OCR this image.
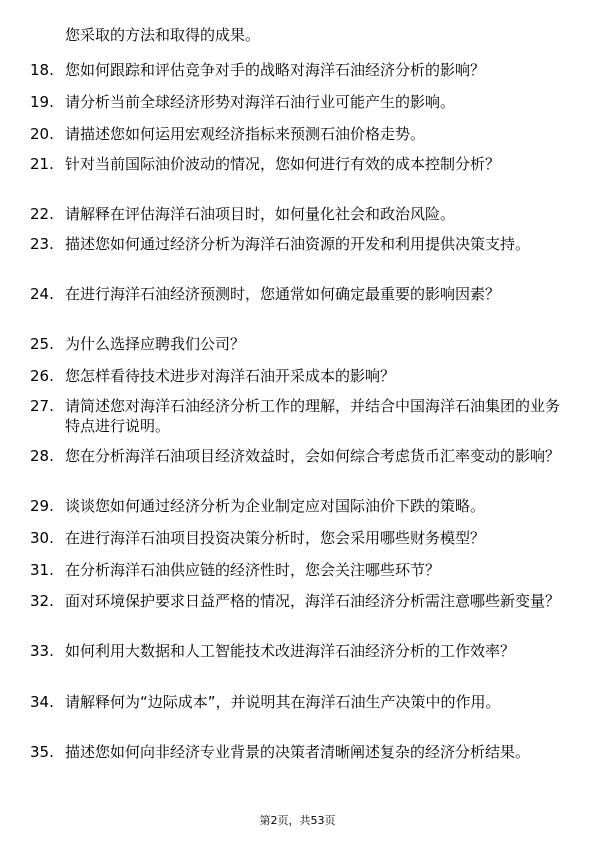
您采取的方法和取得的成果。
18. 您如何跟踪和评估竞争对手的战略对海洋石油经济分析的影响？
19. 请分析当前全球经济形势对海洋石油行业可能产生的影响。
20. 请描述您如何运用宏观经济指标来预测石油价格走势。
21. 针对当前国际油价波动的情况，您如何进行有效的成本控制分析？
22. 请解释在评估海洋石油项目时，如何量化社会和政治风险。
23. 描述您如何通过经济分析为海洋石油资源的开发和利用提供决策支持。
24. 在进行海洋石油经济预测时，您通常如何确定最重要的影响因素？
25. 为什么选择应聘我们公司？
26. 您怎样看待技术进步对海洋石油开采成本的影响？
27. 请简述您对海洋石油经济分析工作的理解，并结合中国海洋石油集团的业务特点进行说明。
28. 您在分析海洋石油项目经济效益时，会如何综合考虑货币汇率变动的影响？
29. 谈谈您如何通过经济分析为企业制定应对国际油价下跌的策略。
30. 在进行海洋石油项目投资决策分析时，您会采用哪些财务模型？
31. 在分析海洋石油供应链的经济性时，您会关注哪些环节？
32. 面对环境保护要求日益严格的情况，海洋石油经济分析需注意哪些新变量？
33. 如何利用大数据和人工智能技术改进海洋石油经济分析的工作效率？
34. 请解释何为“边际成本”，并说明其在海洋石油生产决策中的作用。
35. 描述您如何向非经济专业背景的决策者清晰阐述复杂的经济分析结果。
第2页，共53页
